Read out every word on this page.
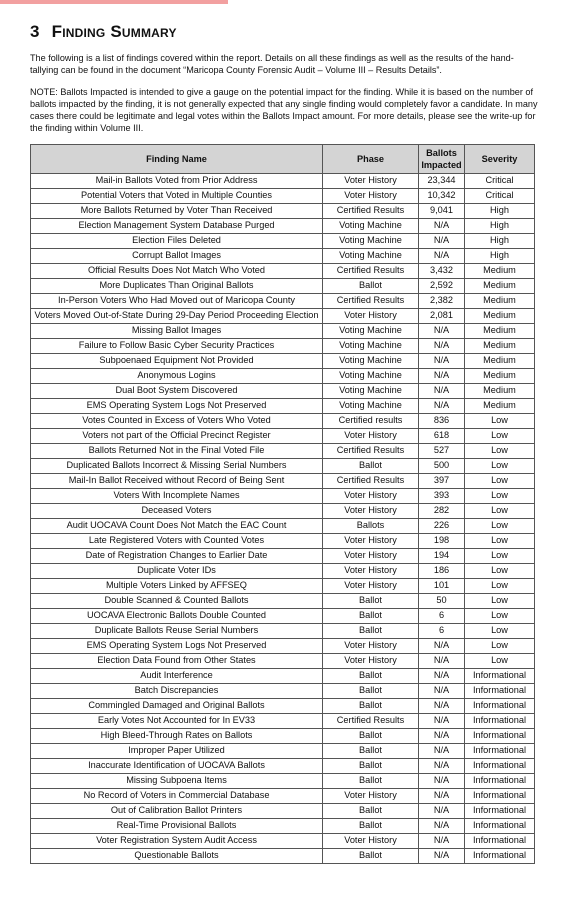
3 Finding Summary

The following is a list of findings covered within the report. Details on all these findings as well as the results of the hand-tallying can be found in the document “Maricopa County Forensic Audit – Volume III – Results Details”.

NOTE: Ballots Impacted is intended to give a gauge on the potential impact for the finding. While it is based on the number of ballots impacted by the finding, it is not generally expected that any single finding would completely favor a candidate. In many cases there could be legitimate and legal votes within the Ballots Impact amount. For more details, please see the write-up for the finding within Volume III.

Finding Name	Phase	Ballots Impacted	Severity
Mail-in Ballots Voted from Prior Address	Voter History	23,344	Critical
Potential Voters that Voted in Multiple Counties	Voter History	10,342	Critical
More Ballots Returned by Voter Than Received	Certified Results	9,041	High
Election Management System Database Purged	Voting Machine	N/A	High
Election Files Deleted	Voting Machine	N/A	High
Corrupt Ballot Images	Voting Machine	N/A	High
Official Results Does Not Match Who Voted	Certified Results	3,432	Medium
More Duplicates Than Original Ballots	Ballot	2,592	Medium
In-Person Voters Who Had Moved out of Maricopa County	Certified Results	2,382	Medium
Voters Moved Out-of-State During 29-Day Period Proceeding Election	Voter History	2,081	Medium
Missing Ballot Images	Voting Machine	N/A	Medium
Failure to Follow Basic Cyber Security Practices	Voting Machine	N/A	Medium
Subpoenaed Equipment Not Provided	Voting Machine	N/A	Medium
Anonymous Logins	Voting Machine	N/A	Medium
Dual Boot System Discovered	Voting Machine	N/A	Medium
EMS Operating System Logs Not Preserved	Voting Machine	N/A	Medium
Votes Counted in Excess of Voters Who Voted	Certified results	836	Low
Voters not part of the Official Precinct Register	Voter History	618	Low
Ballots Returned Not in the Final Voted File	Certified Results	527	Low
Duplicated Ballots Incorrect & Missing Serial Numbers	Ballot	500	Low
Mail-In Ballot Received without Record of Being Sent	Certified Results	397	Low
Voters With Incomplete Names	Voter History	393	Low
Deceased Voters	Voter History	282	Low
Audit UOCAVA Count Does Not Match the EAC Count	Ballots	226	Low
Late Registered Voters with Counted Votes	Voter History	198	Low
Date of Registration Changes to Earlier Date	Voter History	194	Low
Duplicate Voter IDs	Voter History	186	Low
Multiple Voters Linked by AFFSEQ	Voter History	101	Low
Double Scanned & Counted Ballots	Ballot	50	Low
UOCAVA Electronic Ballots Double Counted	Ballot	6	Low
Duplicate Ballots Reuse Serial Numbers	Ballot	6	Low
EMS Operating System Logs Not Preserved	Voter History	N/A	Low
Election Data Found from Other States	Voter History	N/A	Low
Audit Interference	Ballot	N/A	Informational
Batch Discrepancies	Ballot	N/A	Informational
Commingled Damaged and Original Ballots	Ballot	N/A	Informational
Early Votes Not Accounted for In EV33	Certified Results	N/A	Informational
High Bleed-Through Rates on Ballots	Ballot	N/A	Informational
Improper Paper Utilized	Ballot	N/A	Informational
Inaccurate Identification of UOCAVA Ballots	Ballot	N/A	Informational
Missing Subpoena Items	Ballot	N/A	Informational
No Record of Voters in Commercial Database	Voter History	N/A	Informational
Out of Calibration Ballot Printers	Ballot	N/A	Informational
Real-Time Provisional Ballots	Ballot	N/A	Informational
Voter Registration System Audit Access	Voter History	N/A	Informational
Questionable Ballots	Ballot	N/A	Informational
